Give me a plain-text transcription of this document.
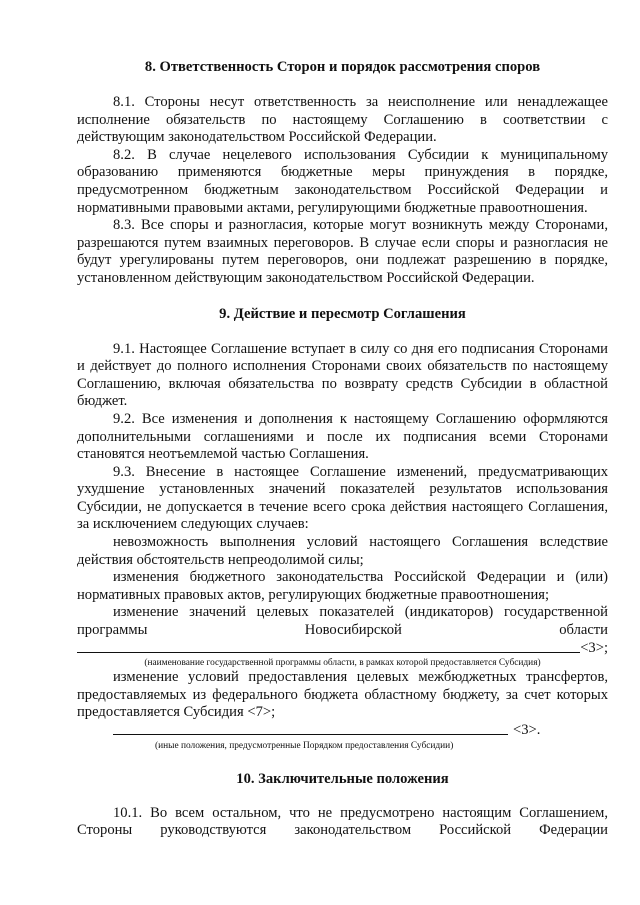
8. Ответственность Сторон и порядок рассмотрения споров

8.1. Стороны несут ответственность за неисполнение или ненадлежащее исполнение обязательств по настоящему Соглашению в соответствии с действующим законодательством Российской Федерации.

8.2. В случае нецелевого использования Субсидии к муниципальному образованию применяются бюджетные меры принуждения в порядке, предусмотренном бюджетным законодательством Российской Федерации и нормативными правовыми актами, регулирующими бюджетные правоотношения.

8.3. Все споры и разногласия, которые могут возникнуть между Сторонами, разрешаются путем взаимных переговоров. В случае если споры и разногласия не будут урегулированы путем переговоров, они подлежат разрешению в порядке, установленном действующим законодательством Российской Федерации.

9. Действие и пересмотр Соглашения

9.1. Настоящее Соглашение вступает в силу со дня его подписания Сторонами и действует до полного исполнения Сторонами своих обязательств по настоящему Соглашению, включая обязательства по возврату средств Субсидии в областной бюджет.

9.2. Все изменения и дополнения к настоящему Соглашению оформляются дополнительными соглашениями и после их подписания всеми Сторонами становятся неотъемлемой частью Соглашения.

9.3. Внесение в настоящее Соглашение изменений, предусматривающих ухудшение установленных значений показателей результатов использования Субсидии, не допускается в течение всего срока действия настоящего Соглашения, за исключением следующих случаев:

невозможность выполнения условий настоящего Соглашения вследствие действия обстоятельств непреодолимой силы;

изменения бюджетного законодательства Российской Федерации и (или) нормативных правовых актов, регулирующих бюджетные правоотношения;

изменение значений целевых показателей (индикаторов) государственной программы Новосибирской области

<3>;

(наименование государственной программы области, в рамках которой предоставляется Субсидия)

изменение условий предоставления целевых межбюджетных трансфертов, предоставляемых из федерального бюджета областному бюджету, за счет которых предоставляется Субсидия <7>;

<3>.

(иные положения, предусмотренные Порядком предоставления Субсидии)

10. Заключительные положения

10.1. Во всем остальном, что не предусмотрено настоящим Соглашением, Стороны руководствуются законодательством Российской Федерации
